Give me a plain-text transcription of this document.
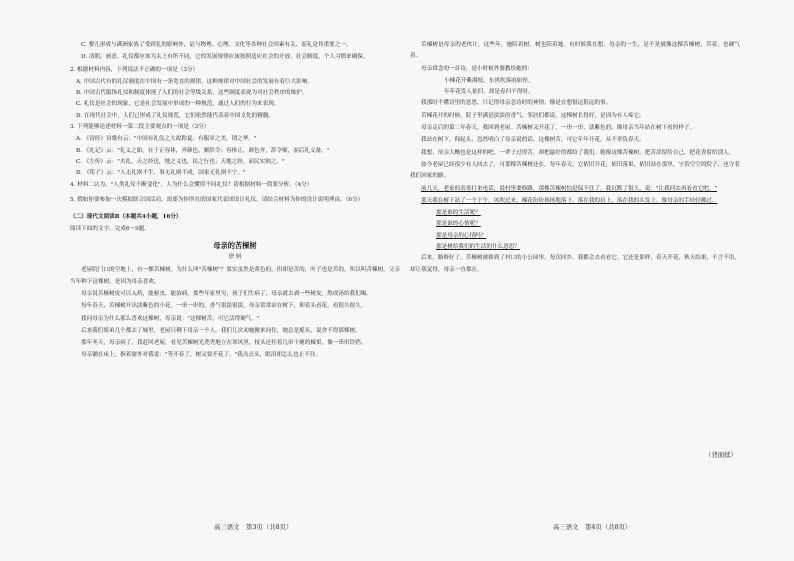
C. 婴儿形成与满洲家族了受到礼的影响外，证与物理、心理、文化等各种社会因素有关，而礼是其重要之一。

D. 清朝、画意、礼仪都应该为太上有所不同，它的发展规律应该按照适应社会的开放、社会制度，个人习惯来确保。

2. 根据材料内容，下列说法不正确的一项是（3分）

A. 中国古代有的礼仪制度在中国有一条宽直的规律，这种规律对中国社会的发展有着巨大影响。

B. 中国古代服饰礼仪和制度体现了人们的社会等级关系，这些制度表现为对社会秩序的维护。

C. 礼仪是社会的现象，它是社会发展中形成的一种规范，通过人们的行为来表现。

D. 在现代社会中，人们已形成了礼仪规范，它们依然能代表着中国文化的精髓。

3. 下列能够论述材料一第二段主要观点的一项是（3分）

A. 《诗经》诗歌有云："中国有礼仪之大故称夏；有服章之美，谓之华。"

B. 《礼记》云："礼义之始，在于正容体，齐颜色，顺辞令；容体正，颜色齐，辞令顺，而后礼义备。"

C. 《左传》云："夫礼，天之经也，地之义也，民之行也；天地之经，而民实则之。"

D. 《荀子》云："人无礼则不生，事无礼则不成，国家无礼则不宁。"

4. 材料二认为，"人类礼仪不断变化"，人为什么会懂得不同礼仪？请根据材料一简要分析。（4分）

5. 假如你要参加一次模拟联合国活动，需要为你所在的国家代表团设计礼仪，请结合材料为你的设计说明理由。（6分）

（二）现代文阅读Ⅱ（本题共4小题，16分）

阅读下面的文字，完成6～9题。

母亲的苦楝树

徐 轲

老屋院门口的空地上，有一棵苦楝树。为什么叫"苦楝树"？果实虽然是黄色的，但却是苦的，叶子也是苦的，所以叫苦楝树。父亲当年种下这棵树，是因为母亲喜欢。

母亲说苦楝树皮可以入药，能驱虫，能治病。那些年家里穷，孩子们生病了，母亲就去剥一些树皮，熬成汤给我们喝。

每年春天，苦楝树开出淡紫色的小花，一串一串的，香气很淡很淡。母亲常常站在树下，仰着头看花，看很久很久。

我问母亲为什么那么喜欢这棵树，母亲说："这棵树苦，可它活得硬气。"

后来我们姐弟几个都去了城里，老屋只剩下母亲一个人。我们几次劝她搬来同住，她总是摇头，说舍不得那棵树。

那年冬天，母亲病了。我赶回老屋，看见苦楝树光秃秃地立在寒风里，枝头还挂着几串干瘪的楝果，像一串串铃铛。

母亲躺在床上，指着窗外对我说："等开春了，树又要开花了。"我点点头，眼泪却怎么也止不住。

苦楝树是母亲的老伙计，这些年，她陪着树，树也陪着她。有时候我在想，母亲的一生，是不是就像这棵苦楝树，苦着，也硬气着。

母亲常念叨一首诗，是小时候外婆教给她的：

小楝花开紫满枝，东风吹落雨如丝。

年年花发人依旧，却是春归不得时。

我那时不懂诗里的意思，只记得母亲念诗时的神情，像是在想很远很远的事。

苦楝花开的时候，院子里满是淡淡的香气。邻居们都说，这棵树长得好，是因为有人疼它。

母亲走后的第二年春天，我回到老屋。苦楝树又开花了，一串一串，淡紫色的，像母亲当年站在树下看的样子。

我站在树下，仰起头，忽然明白了母亲说的话。这棵树苦，可它年年开花，从不辜负春天。

我想，母亲大概也是这样的吧。一辈子过得苦，却把最好的都给了我们。她像这棵苦楝树，把苦涩留给自己，把花香留给别人。

如今老屋已经很少有人回去了，可那棵苦楝树还在。每年春天，它依旧开花，依旧落果，依旧站在那里，守着空空的院子，也守着我们回家的路。

前几天，老家的表哥打来电话，说村里要修路，那棵苦楝树怕是保不住了。我沉默了很久，说："让我回去再看看它吧。"

那天我在树下站了一个下午。风吹过来，楝花纷纷扬扬地落下，落在我的肩上，落在我的头发上，像母亲的手轻轻拂过。

那是谁的生活呢？

那是谁的心情呢？

那是母亲的心情吗？

那是树给我们的生活的什么意思？

后来，路修好了，苦楝树被移到了村口的小公园里。每次回乡，我都会去看看它。它还是那样，春天开花，秋天结果，不言不语，却让我觉得，母亲一直都在。

（背面续）
高三语文　第3页（共8页）	高三语文　第4页（共8页）
